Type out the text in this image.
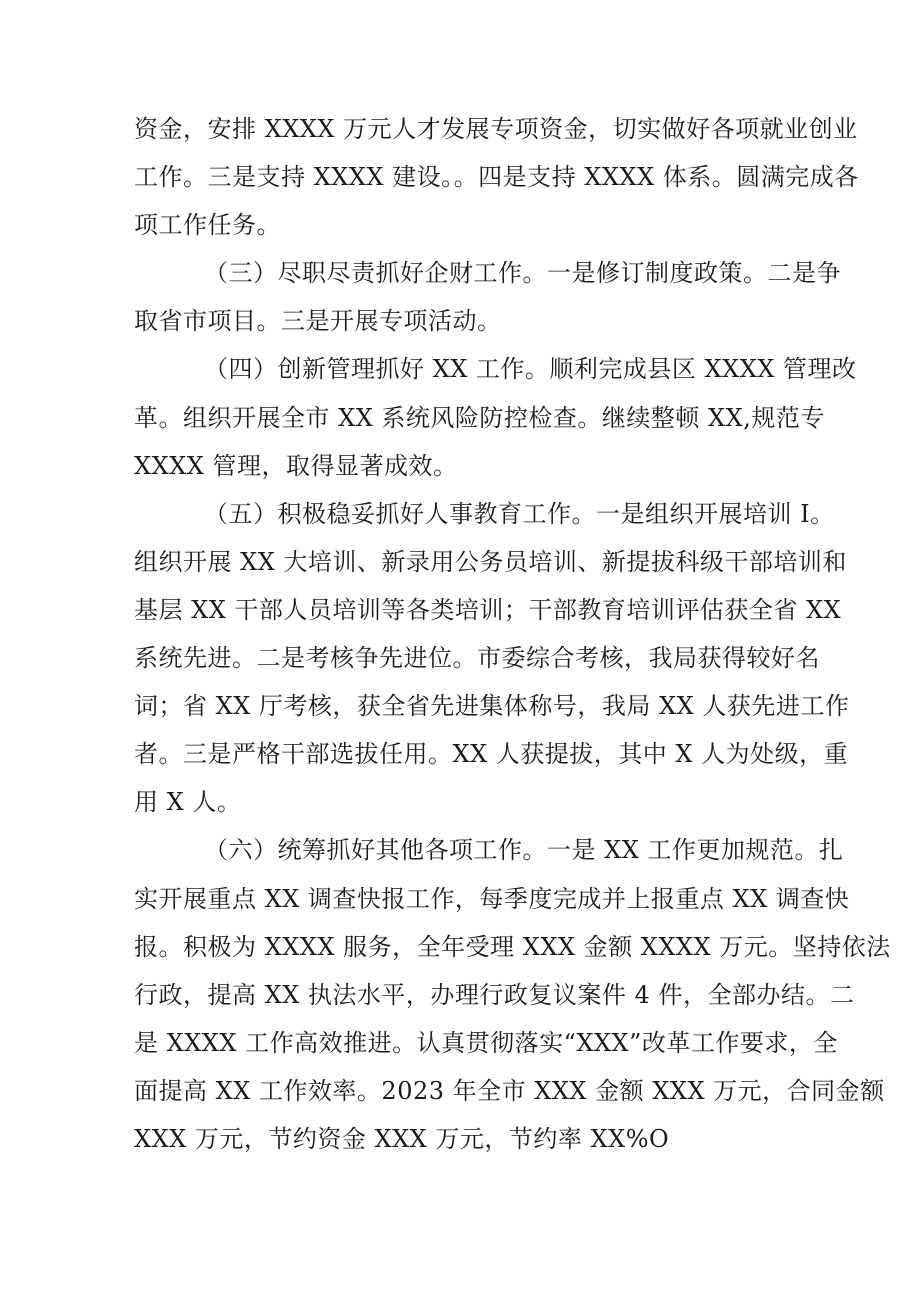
资金，安排 XXXX 万元人才发展专项资金，切实做好各项就业创业
工作。三是支持 XXXX 建设。。四是支持 XXXX 体系。圆满完成各
项工作任务。
（三）尽职尽责抓好企财工作。一是修订制度政策。二是争
取省市项目。三是开展专项活动。
（四）创新管理抓好 XX 工作。顺利完成县区 XXXX 管理改
革。组织开展全市 XX 系统风险防控检查。继续整顿 XX,规范专
XXXX 管理，取得显著成效。
（五）积极稳妥抓好人事教育工作。一是组织开展培训 I。
组织开展 XX 大培训、新录用公务员培训、新提拔科级干部培训和
基层 XX 干部人员培训等各类培训；干部教育培训评估获全省 XX
系统先进。二是考核争先进位。市委综合考核，我局获得较好名
词；省 XX 厅考核，获全省先进集体称号，我局 XX 人获先进工作
者。三是严格干部选拔任用。XX 人获提拔，其中 X 人为处级，重
用 X 人。
（六）统筹抓好其他各项工作。一是 XX 工作更加规范。扎
实开展重点 XX 调查快报工作，每季度完成并上报重点 XX 调查快
报。积极为 XXXX 服务，全年受理 XXX 金额 XXXX 万元。坚持依法
行政，提高 XX 执法水平，办理行政复议案件 4 件，全部办结。二
是 XXXX 工作高效推进。认真贯彻落实“XXX”改革工作要求，全
面提高 XX 工作效率。2023 年全市 XXX 金额 XXX 万元，合同金额
XXX 万元，节约资金 XXX 万元，节约率 XX%O
